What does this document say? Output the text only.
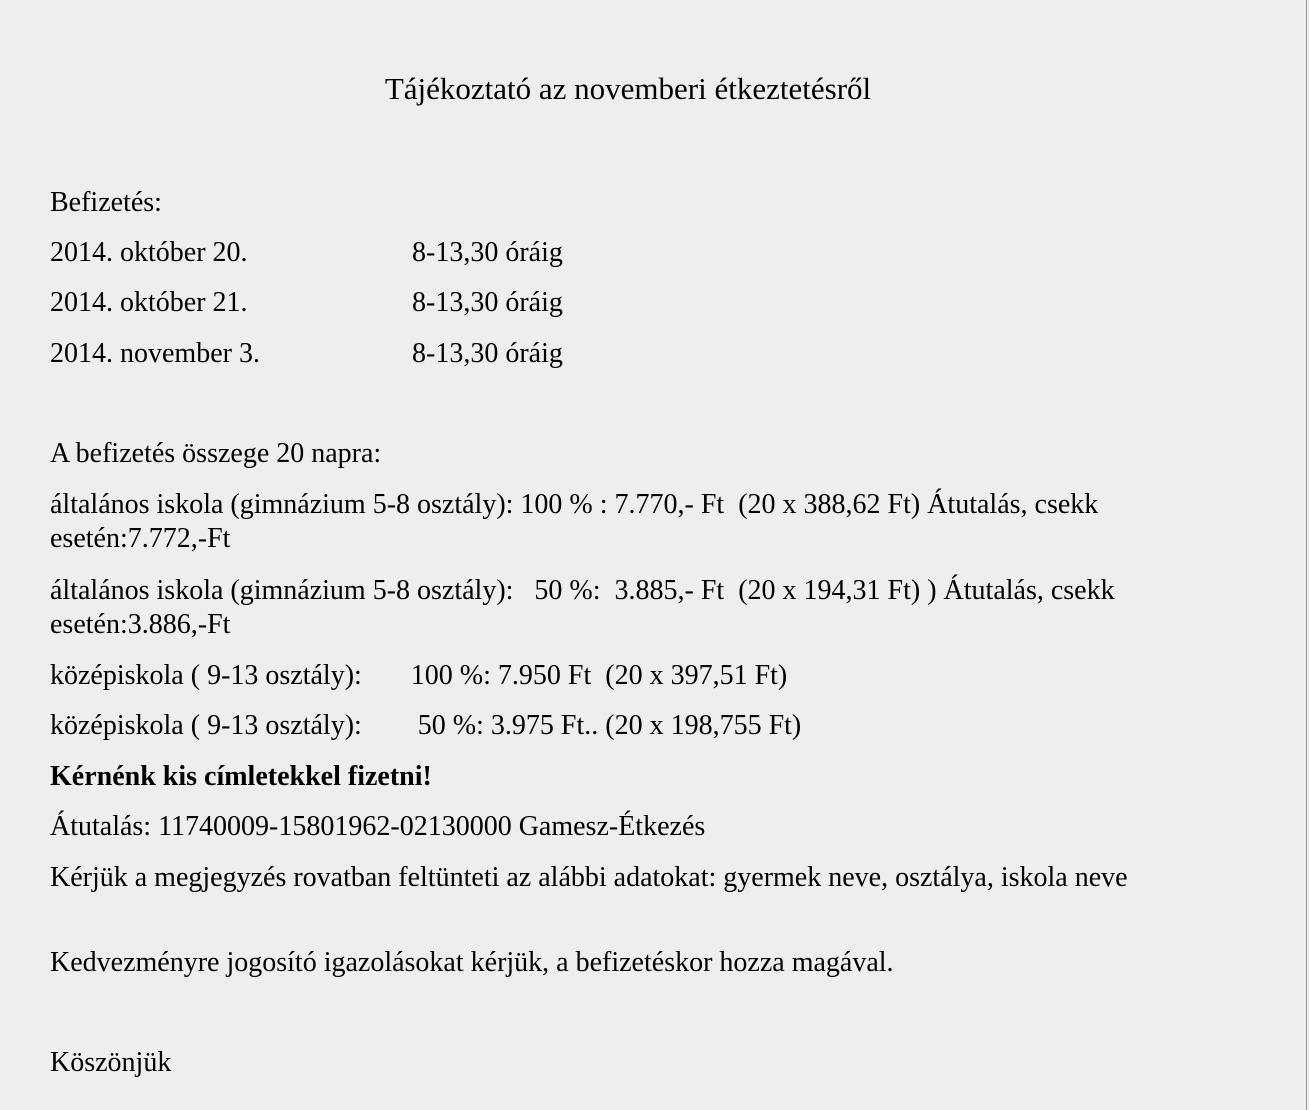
Tájékoztató az novemberi étkeztetésről
Befizetés:
2014. október 20.	8-13,30 óráig
2014. október 21.	8-13,30 óráig
2014. november 3.	8-13,30 óráig
A befizetés összege 20 napra:
általános iskola (gimnázium 5-8 osztály): 100 % : 7.770,- Ft  (20 x 388,62 Ft) Átutalás, csekk esetén:7.772,-Ft
általános iskola (gimnázium 5-8 osztály):   50 %:  3.885,- Ft  (20 x 194,31 Ft) ) Átutalás, csekk esetén:3.886,-Ft
középiskola ( 9-13 osztály):       100 %: 7.950 Ft  (20 x 397,51 Ft)
középiskola ( 9-13 osztály):        50 %: 3.975 Ft.. (20 x 198,755 Ft)
Kérnénk kis címletekkel fizetni!
Átutalás: 11740009-15801962-02130000 Gamesz-Étkezés
Kérjük a megjegyzés rovatban feltünteti az alábbi adatokat: gyermek neve, osztálya, iskola neve
Kedvezményre jogosító igazolásokat kérjük, a befizetéskor hozza magával.
Köszönjük
